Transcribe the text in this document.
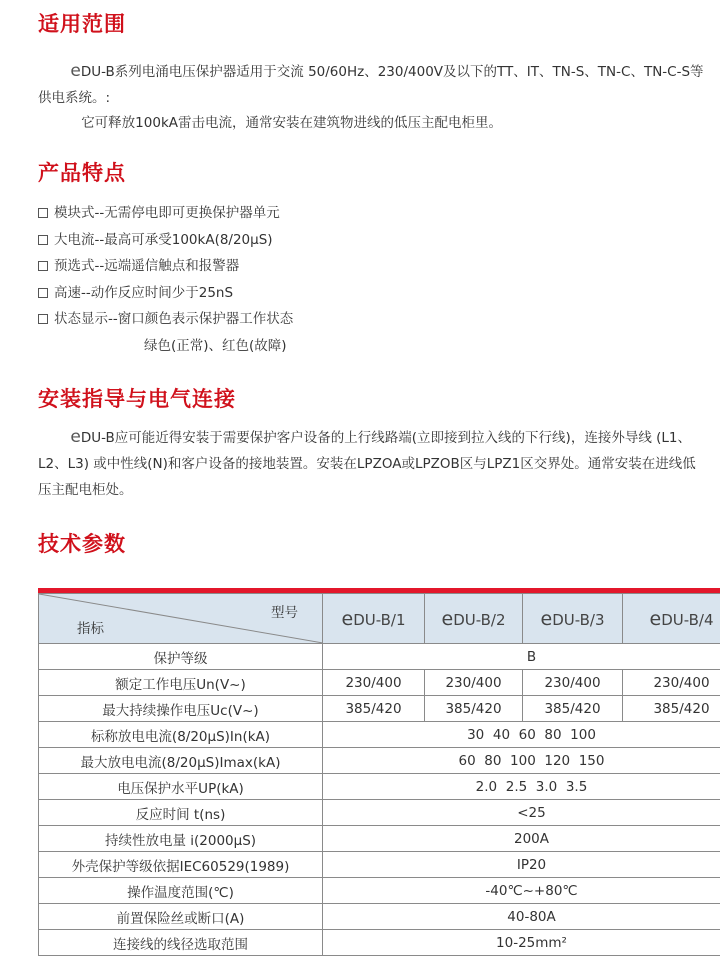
适用范围

eDU-B系列电涌电压保护器适用于交流 50/60Hz、230/400V及以下的TT、IT、TN-S、TN-C、TN-C-S等供电系统。:

它可释放100kA雷击电流，通常安装在建筑物进线的低压主配电柜里。

产品特点
模块式--无需停电即可更换保护器单元
大电流--最高可承受100kA(8/20μS)
预选式--远端遥信触点和报警器
高速--动作反应时间少于25nS
状态显示--窗口颜色表示保护器工作状态
绿色(正常)、红色(故障)
安装指导与电气连接

eDU-B应可能近得安装于需要保护客户设备的上行线路端(立即接到拉入线的下行线)，连接外导线 (L1、L2、L3) 或中性线(N)和客户设备的接地装置。安装在LPZOA或LPZOB区与LPZ1区交界处。通常安装在进线低压主配电柜处。

技术参数
型号
指标	eDU-B/1	eDU-B/2	eDU-B/3	eDU-B/4
保护等级	B			
额定工作电压Un(V~)	230/400	230/400	230/400	230/400
最大持续操作电压Uc(V~)	385/420	385/420	385/420	385/420
标称放电电流(8/20μS)In(kA)	30  40  60  80  100			
最大放电电流(8/20μS)Imax(kA)	60  80  100  120  150			
电压保护水平UP(kA)	2.0  2.5  3.0  3.5			
反应时间 t(ns)	<25			
持续性放电量 i(2000μS)	200A			
外壳保护等级依据IEC60529(1989)	IP20			
操作温度范围(℃)	-40℃~+80℃			
前置保险丝或断口(A)	40-80A			
连接线的线径选取范围	10-25mm²			
